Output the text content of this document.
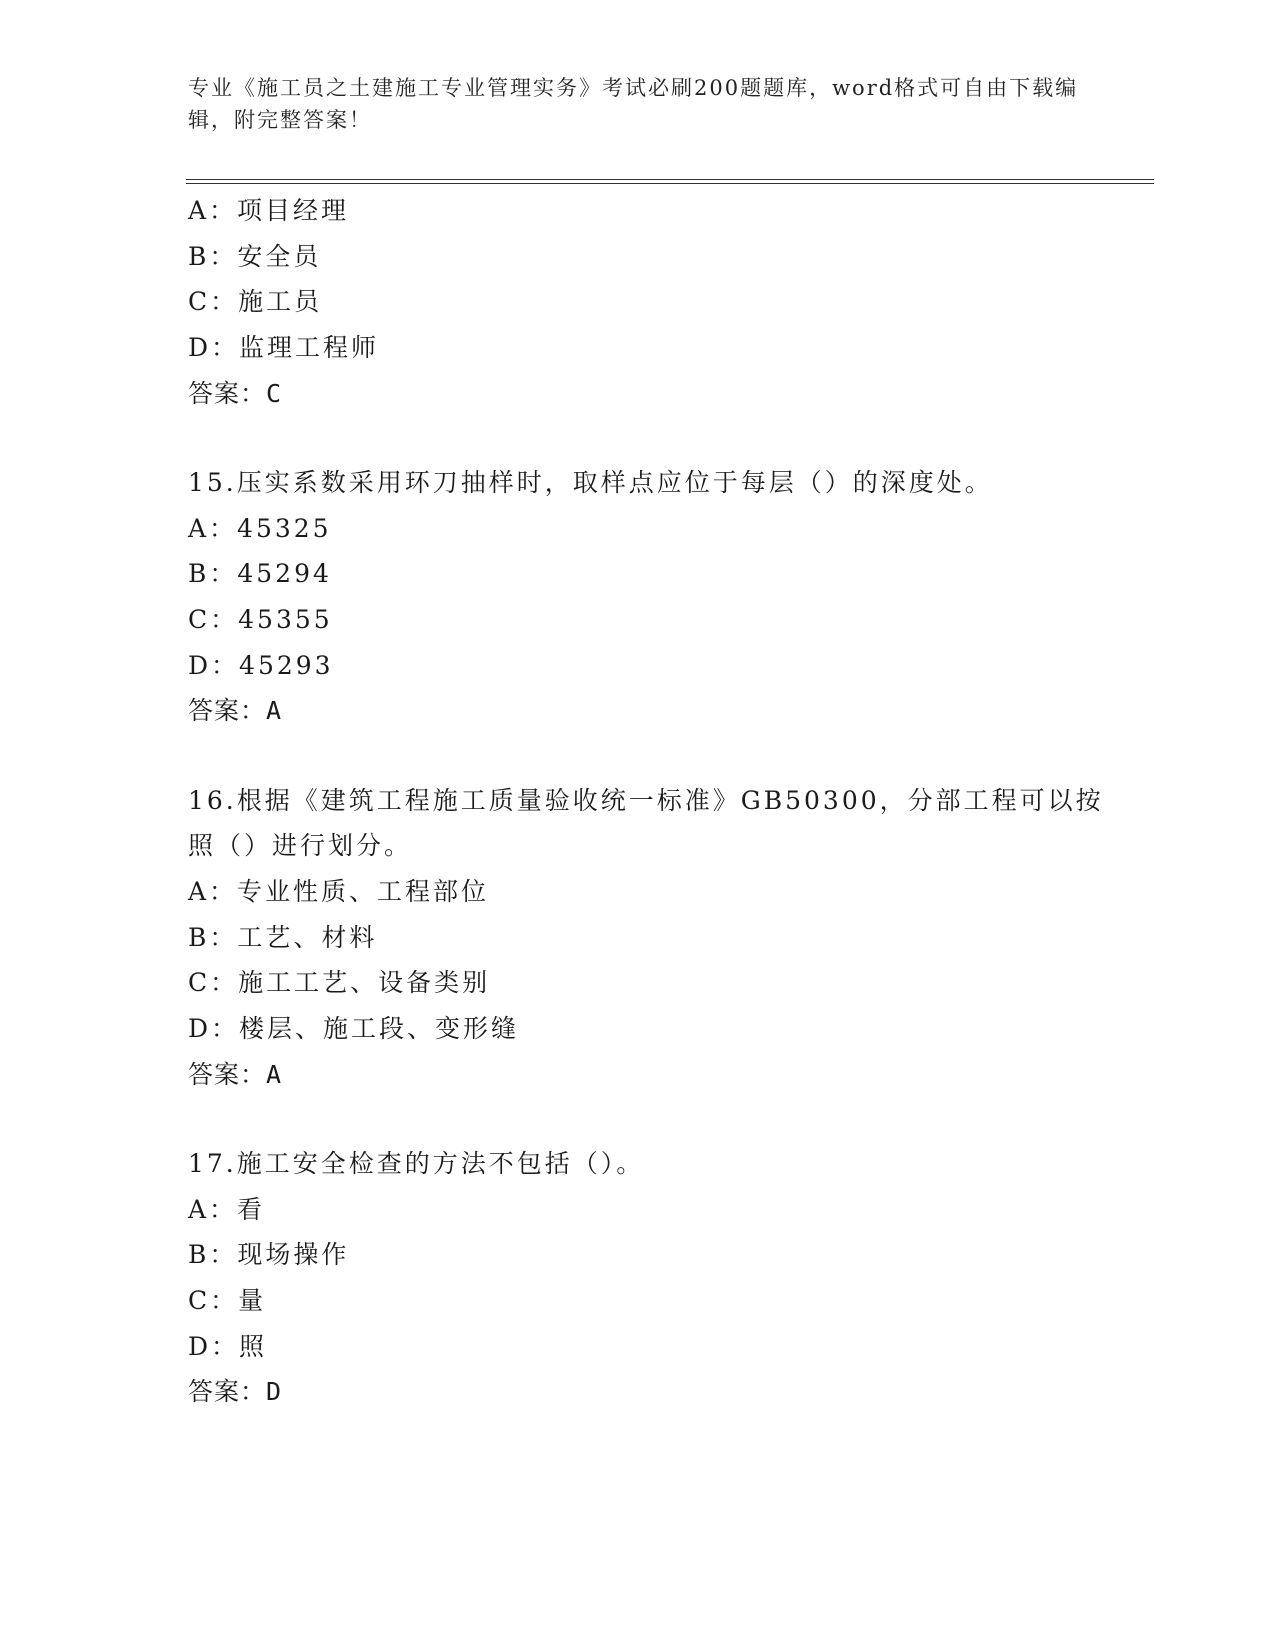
专业《施工员之土建施工专业管理实务》考试必刷200题题库，word格式可自由下载编辑，附完整答案！
A：项目经理
B：安全员
C：施工员
D：监理工程师
答案：C
15.压实系数采用环刀抽样时，取样点应位于每层（）的深度处。
A：45325
B：45294
C：45355
D：45293
答案：A
16.根据《建筑工程施工质量验收统一标准》GB50300，分部工程可以按照（）进行划分。
A：专业性质、工程部位
B：工艺、材料
C：施工工艺、设备类别
D：楼层、施工段、变形缝
答案：A
17.施工安全检查的方法不包括（）。
A：看
B：现场操作
C：量
D：照
答案：D
